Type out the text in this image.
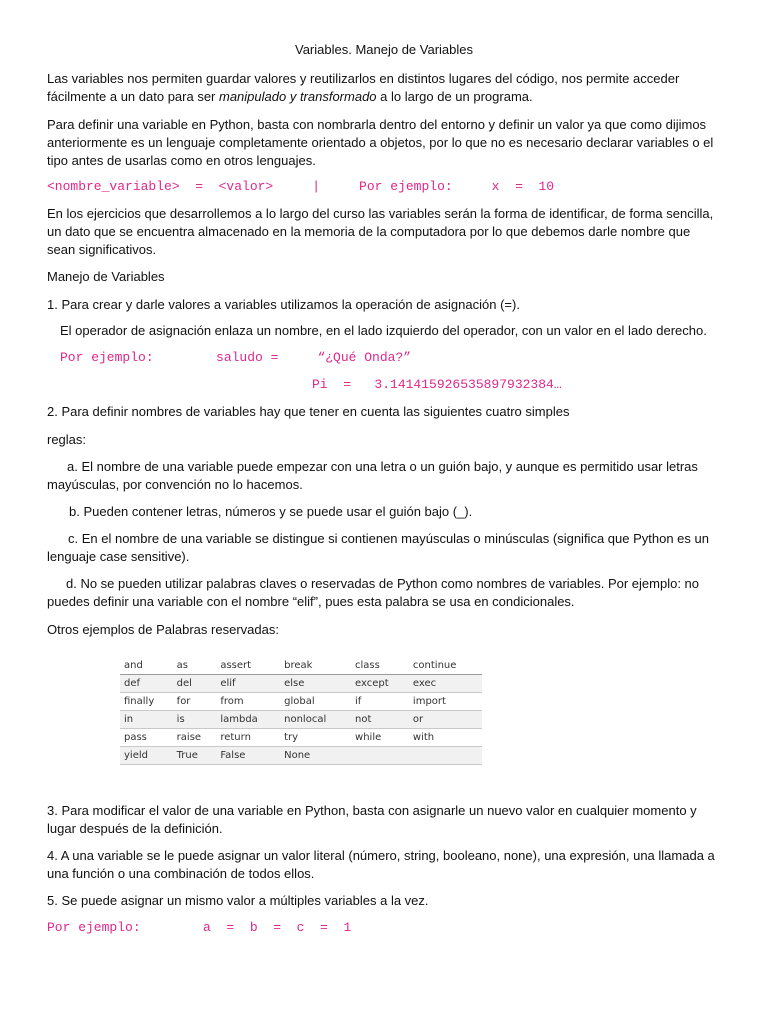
Variables. Manejo de Variables

Las variables nos permiten guardar valores y reutilizarlos en distintos lugares del código, nos permite acceder fácilmente a un dato para ser manipulado y transformado a lo largo de un programa.

Para definir una variable en Python, basta con nombrarla dentro del entorno y definir un valor ya que como dijimos anteriormente es un lenguaje completamente orientado a objetos, por lo que no es necesario declarar variables o el tipo antes de usarlas como en otros lenguajes.

<nombre_variable>  =  <valor>     |     Por ejemplo:     x  =  10

En los ejercicios que desarrollemos a lo largo del curso las variables serán la forma de identificar, de forma sencilla, un dato que se encuentra almacenado en la memoria de la computadora por lo que debemos darle nombre que sean significativos.

Manejo de Variables

1. Para crear y darle valores a variables utilizamos la operación de asignación (=).

El operador de asignación enlaza un nombre, en el lado izquierdo del operador, con un valor en el lado derecho.

Por ejemplo:        saludo =     “¿Qué Onda?”
Pi  =   3.141415926535897932384…

2. Para definir nombres de variables hay que tener en cuenta las siguientes cuatro simples

reglas:

a. El nombre de una variable puede empezar con una letra o un guión bajo, y aunque es permitido usar letras mayúsculas, por convención no lo hacemos.

b. Pueden contener letras, números y se puede usar el guión bajo (_).

c. En el nombre de una variable se distingue si contienen mayúsculas o minúsculas (significa que Python es un lenguaje case sensitive).

d. No se pueden utilizar palabras claves o reservadas de Python como nombres de variables. Por ejemplo: no puedes definir una variable con el nombre “elif”, pues esta palabra se usa en condicionales.

Otros ejemplos de Palabras reservadas:

and	as	assert	break	class	continue
def	del	elif	else	except	exec
finally	for	from	global	if	import
in	is	lambda	nonlocal	not	or
pass	raise	return	try	while	with
yield	True	False	None		

3. Para modificar el valor de una variable en Python, basta con asignarle un nuevo valor en cualquier momento y lugar después de la definición.

4. A una variable se le puede asignar un valor literal (número, string, booleano, none), una expresión, una llamada a una función o una combinación de todos ellos.

5. Se puede asignar un mismo valor a múltiples variables a la vez.

Por ejemplo:        a  =  b  =  c  =  1
